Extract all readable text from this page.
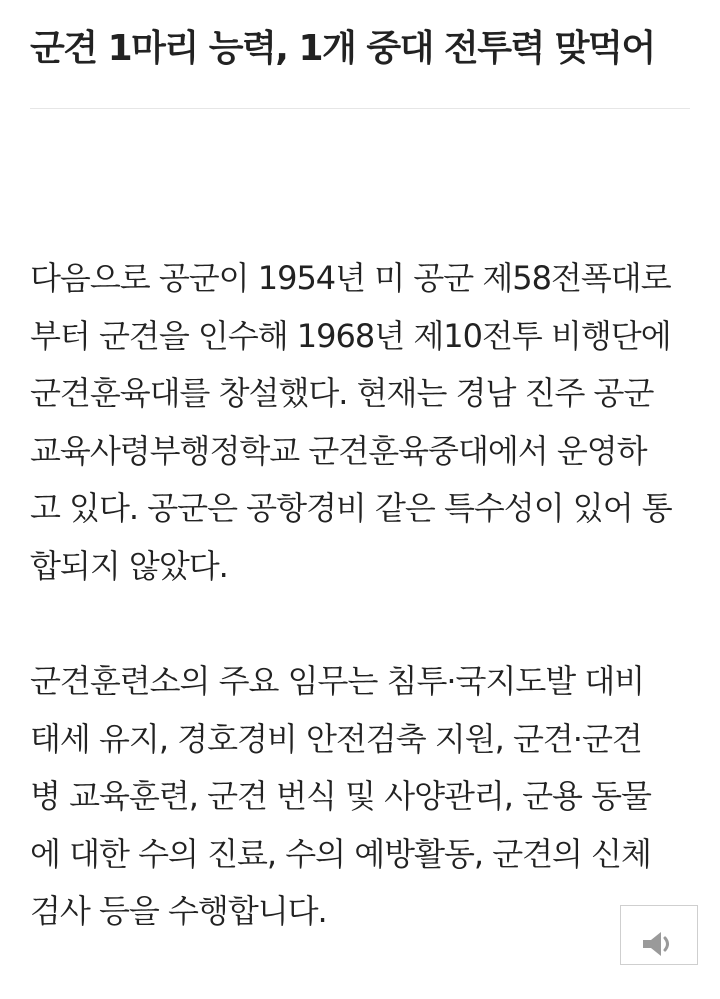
군견 1마리 능력, 1개 중대 전투력 맞먹어

다음으로 공군이 1954년 미 공군 제58전폭대로
부터 군견을 인수해 1968년 제10전투 비행단에
군견훈육대를 창설했다. 현재는 경남 진주 공군
교육사령부행정학교 군견훈육중대에서 운영하
고 있다. 공군은 공항경비 같은 특수성이 있어 통
합되지 않았다.

군견훈련소의 주요 임무는 침투·국지도발 대비
태세 유지, 경호경비 안전검축 지원, 군견·군견
병 교육훈련, 군견 번식 및 사양관리, 군용 동물
에 대한 수의 진료, 수의 예방활동, 군견의 신체
검사 등을 수행합니다.
